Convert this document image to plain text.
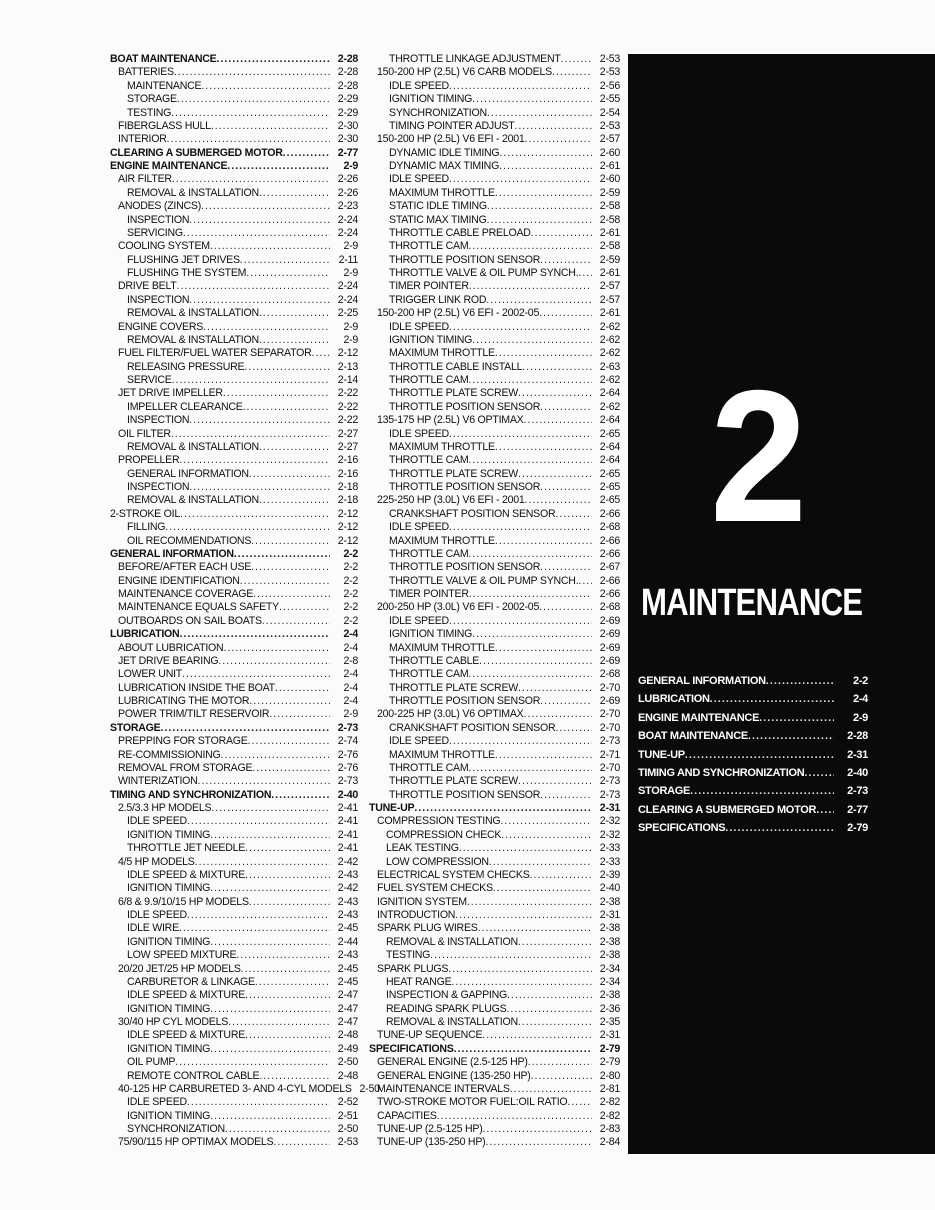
BOAT MAINTENANCE .....	2-28
BATTERIES .....	2-28
MAINTENANCE .....	2-28
STORAGE .....	2-29
TESTING .....	2-29
FIBERGLASS HULL .....	2-30
INTERIOR .....	2-30
CLEARING A SUBMERGED MOTOR .....	2-77
ENGINE MAINTENANCE .....	2-9
AIR FILTER .....	2-26
REMOVAL & INSTALLATION .....	2-26
ANODES (ZINCS) .....	2-23
INSPECTION .....	2-24
SERVICING .....	2-24
COOLING SYSTEM .....	2-9
FLUSHING JET DRIVES .....	2-11
FLUSHING THE SYSTEM .....	2-9
DRIVE BELT .....	2-24
INSPECTION .....	2-24
REMOVAL & INSTALLATION .....	2-25
ENGINE COVERS .....	2-9
REMOVAL & INSTALLATION .....	2-9
FUEL FILTER/FUEL WATER SEPARATOR .....	2-12
RELEASING PRESSURE .....	2-13
SERVICE .....	2-14
JET DRIVE IMPELLER .....	2-22
IMPELLER CLEARANCE .....	2-22
INSPECTION .....	2-22
OIL FILTER .....	2-27
REMOVAL & INSTALLATION .....	2-27
PROPELLER .....	2-16
GENERAL INFORMATION .....	2-16
INSPECTION .....	2-18
REMOVAL & INSTALLATION .....	2-18
2-STROKE OIL .....	2-12
FILLING .....	2-12
OIL RECOMMENDATIONS .....	2-12
GENERAL INFORMATION .....	2-2
BEFORE/AFTER EACH USE .....	2-2
ENGINE IDENTIFICATION .....	2-2
MAINTENANCE COVERAGE .....	2-2
MAINTENANCE EQUALS SAFETY .....	2-2
OUTBOARDS ON SAIL BOATS .....	2-2
LUBRICATION .....	2-4
ABOUT LUBRICATION .....	2-4
JET DRIVE BEARING .....	2-8
LOWER UNIT .....	2-4
LUBRICATION INSIDE THE BOAT .....	2-4
LUBRICATING THE MOTOR .....	2-4
POWER TRIM/TILT RESERVOIR .....	2-9
STORAGE .....	2-73
PREPPING FOR STORAGE .....	2-74
RE-COMMISSIONING .....	2-76
REMOVAL FROM STORAGE .....	2-76
WINTERIZATION .....	2-73
TIMING AND SYNCHRONIZATION .....	2-40
2.5/3.3 HP MODELS .....	2-41
IDLE SPEED .....	2-41
IGNITION TIMING .....	2-41
THROTTLE JET NEEDLE .....	2-41
4/5 HP MODELS .....	2-42
IDLE SPEED & MIXTURE .....	2-43
IGNITION TIMING .....	2-42
6/8 & 9.9/10/15 HP MODELS .....	2-43
IDLE SPEED .....	2-43
IDLE WIRE .....	2-45
IGNITION TIMING .....	2-44
LOW SPEED MIXTURE .....	2-43
20/20 JET/25 HP MODELS .....	2-45
CARBURETOR & LINKAGE .....	2-45
IDLE SPEED & MIXTURE .....	2-47
IGNITION TIMING .....	2-47
30/40 HP CYL MODELS .....	2-47
IDLE SPEED & MIXTURE .....	2-48
IGNITION TIMING .....	2-49
OIL PUMP .....	2-50
REMOTE CONTROL CABLE .....	2-48
40-125 HP CARBURETED 3- AND 4-CYL MODELS 2-50
IDLE SPEED .....	2-52
IGNITION TIMING .....	2-51
SYNCHRONIZATION .....	2-50
75/90/115 HP OPTIMAX MODELS .....	2-53
THROTTLE LINKAGE ADJUSTMENT .....	2-53
150-200 HP (2.5L) V6 CARB MODELS .....	2-53
IDLE SPEED .....	2-56
IGNITION TIMING .....	2-55
SYNCHRONIZATION .....	2-54
TIMING POINTER ADJUST .....	2-53
150-200 HP (2.5L) V6 EFI - 2001 .....	2-57
DYNAMIC IDLE TIMING .....	2-60
DYNAMIC MAX TIMING .....	2-61
IDLE SPEED .....	2-60
MAXIMUM THROTTLE .....	2-59
STATIC IDLE TIMING .....	2-58
STATIC MAX TIMING .....	2-58
THROTTLE CABLE PRELOAD .....	2-61
THROTTLE CAM .....	2-58
THROTTLE POSITION SENSOR .....	2-59
THROTTLE VALVE & OIL PUMP SYNCH. .....	2-61
TIMER POINTER .....	2-57
TRIGGER LINK ROD .....	2-57
150-200 HP (2.5L) V6 EFI - 2002-05 .....	2-61
IDLE SPEED .....	2-62
IGNITION TIMING .....	2-62
MAXIMUM THROTTLE .....	2-62
THROTTLE CABLE INSTALL .....	2-63
THROTTLE CAM .....	2-62
THROTTLE PLATE SCREW .....	2-64
THROTTLE POSITION SENSOR .....	2-62
135-175 HP (2.5L) V6 OPTIMAX .....	2-64
IDLE SPEED .....	2-65
MAXIMUM THROTTLE .....	2-64
THROTTLE CAM .....	2-64
THROTTLE PLATE SCREW .....	2-65
THROTTLE POSITION SENSOR .....	2-65
225-250 HP (3.0L) V6 EFI - 2001 .....	2-65
CRANKSHAFT POSITION SENSOR .....	2-66
IDLE SPEED .....	2-68
MAXIMUM THROTTLE .....	2-66
THROTTLE CAM .....	2-66
THROTTLE POSITION SENSOR .....	2-67
THROTTLE VALVE & OIL PUMP SYNCH. .....	2-66
TIMER POINTER .....	2-66
200-250 HP (3.0L) V6 EFI - 2002-05 .....	2-68
IDLE SPEED .....	2-69
IGNITION TIMING .....	2-69
MAXIMUM THROTTLE .....	2-69
THROTTLE CABLE .....	2-69
THROTTLE CAM .....	2-68
THROTTLE PLATE SCREW .....	2-70
THROTTLE POSITION SENSOR .....	2-69
200-225 HP (3.0L) V6 OPTIMAX .....	2-70
CRANKSHAFT POSITION SENSOR .....	2-70
IDLE SPEED .....	2-73
MAXIMUM THROTTLE .....	2-71
THROTTLE CAM .....	2-70
THROTTLE PLATE SCREW .....	2-73
THROTTLE POSITION SENSOR .....	2-73
TUNE-UP .....	2-31
COMPRESSION TESTING .....	2-32
COMPRESSION CHECK .....	2-32
LEAK TESTING .....	2-33
LOW COMPRESSION .....	2-33
ELECTRICAL SYSTEM CHECKS .....	2-39
FUEL SYSTEM CHECKS .....	2-40
IGNITION SYSTEM .....	2-38
INTRODUCTION .....	2-31
SPARK PLUG WIRES .....	2-38
REMOVAL & INSTALLATION .....	2-38
TESTING .....	2-38
SPARK PLUGS .....	2-34
HEAT RANGE .....	2-34
INSPECTION & GAPPING .....	2-38
READING SPARK PLUGS .....	2-36
REMOVAL & INSTALLATION .....	2-35
TUNE-UP SEQUENCE .....	2-31
SPECIFICATIONS .....	2-79
GENERAL ENGINE (2.5-125 HP) .....	2-79
GENERAL ENGINE (135-250 HP) .....	2-80
MAINTENANCE INTERVALS .....	2-81
TWO-STROKE MOTOR FUEL:OIL RATIO .....	2-82
CAPACITIES .....	2-82
TUNE-UP (2.5-125 HP) .....	2-83
TUNE-UP (135-250 HP) .....	2-84
2
MAINTENANCE
GENERAL INFORMATION .....	2-2
LUBRICATION .....	2-4
ENGINE MAINTENANCE .....	2-9
BOAT MAINTENANCE .....	2-28
TUNE-UP .....	2-31
TIMING AND SYNCHRONIZATION .....	2-40
STORAGE .....	2-73
CLEARING A SUBMERGED MOTOR .....	2-77
SPECIFICATIONS .....	2-79
